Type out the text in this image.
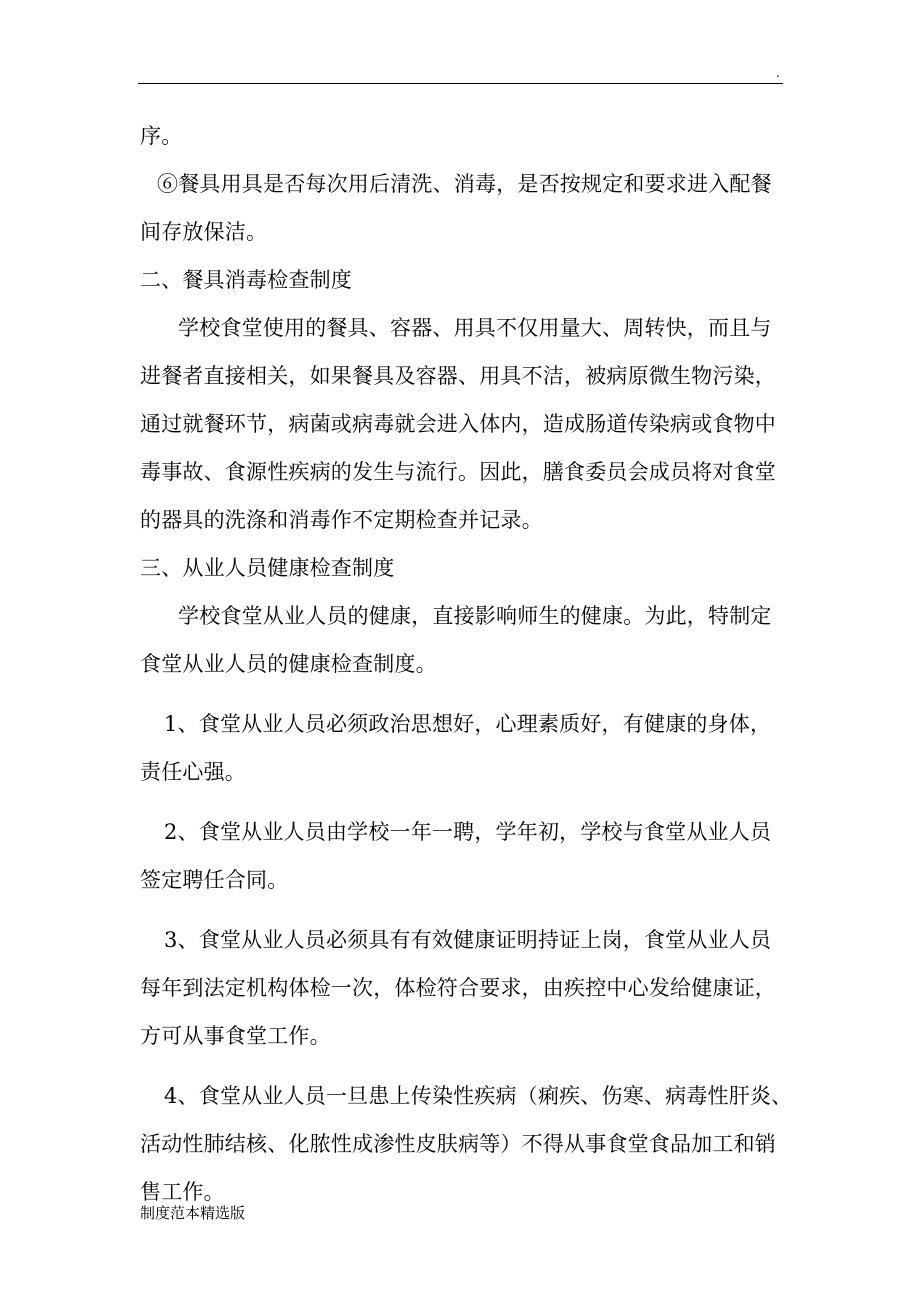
.
序。
⑥餐具用具是否每次用后清洗、消毒，是否按规定和要求进入配餐
间存放保洁。
二、餐具消毒检查制度
学校食堂使用的餐具、容器、用具不仅用量大、周转快，而且与
进餐者直接相关，如果餐具及容器、用具不洁，被病原微生物污染，
通过就餐环节，病菌或病毒就会进入体内，造成肠道传染病或食物中
毒事故、食源性疾病的发生与流行。因此，膳食委员会成员将对食堂
的器具的洗涤和消毒作不定期检查并记录。
三、从业人员健康检查制度
学校食堂从业人员的健康，直接影响师生的健康。为此，特制定
食堂从业人员的健康检查制度。
1、食堂从业人员必须政治思想好，心理素质好，有健康的身体，
责任心强。
2、食堂从业人员由学校一年一聘，学年初，学校与食堂从业人员
签定聘任合同。
3、食堂从业人员必须具有有效健康证明持证上岗，食堂从业人员
每年到法定机构体检一次，体检符合要求，由疾控中心发给健康证，
方可从事食堂工作。
4、食堂从业人员一旦患上传染性疾病（痢疾、伤寒、病毒性肝炎、
活动性肺结核、化脓性成渗性皮肤病等）不得从事食堂食品加工和销
售工作。
制度范本精选版
